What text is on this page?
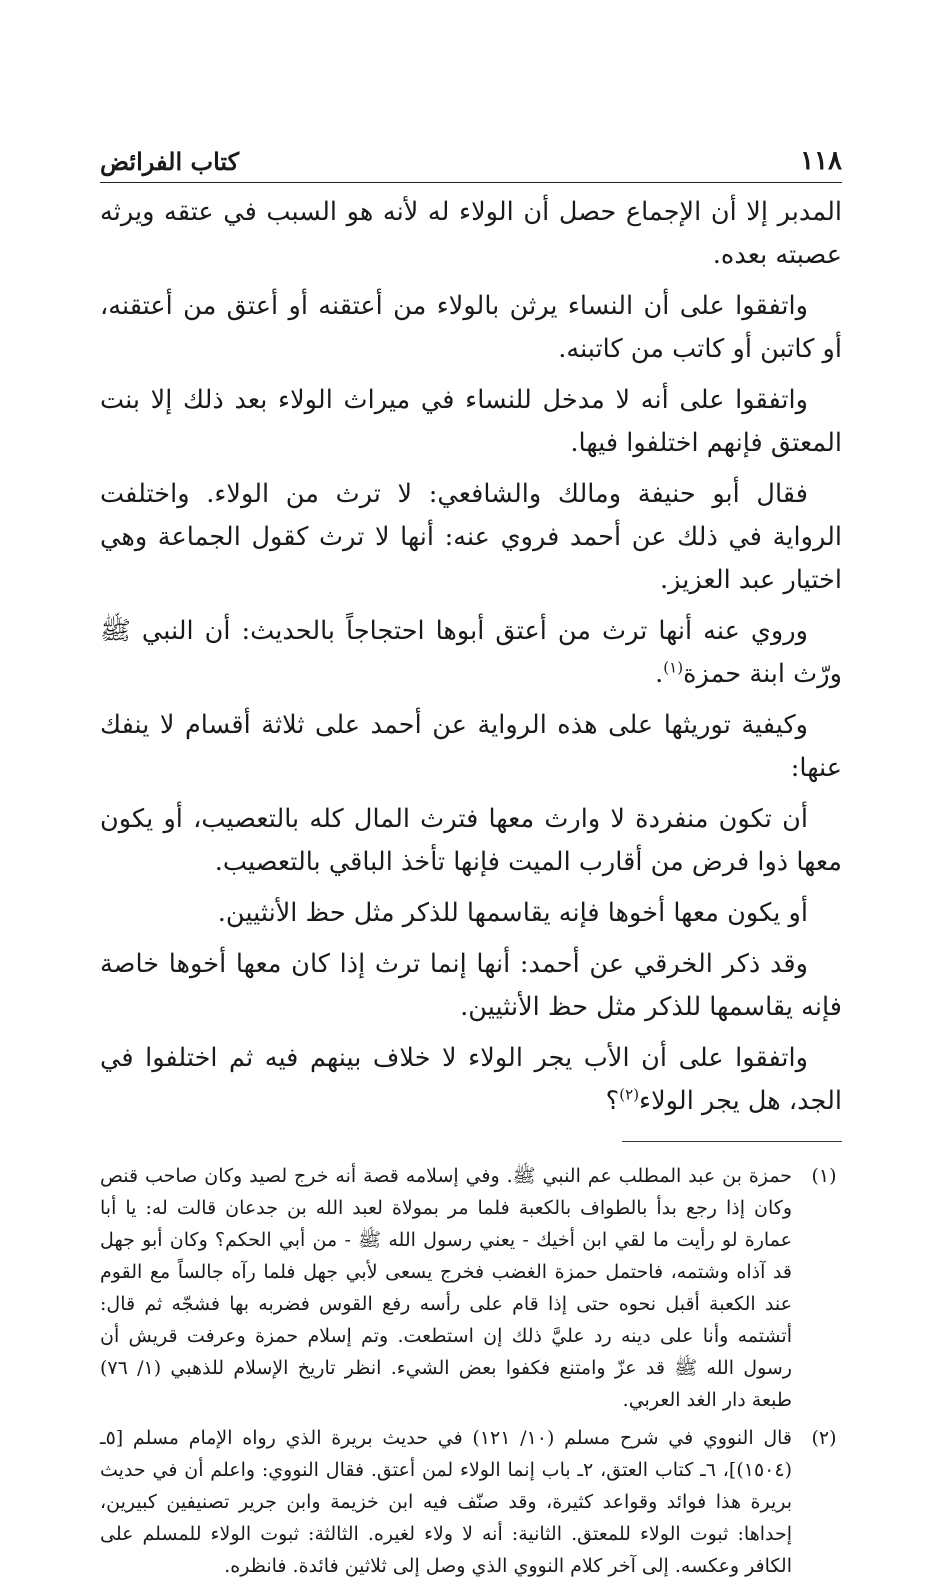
١١٨
كتاب الفرائض

المدبر إلا أن الإجماع حصل أن الولاء له لأنه هو السبب في عتقه ويرثه عصبته بعده.

واتفقوا على أن النساء يرثن بالولاء من أعتقنه أو أعتق من أعتقنه، أو كاتبن أو كاتب من كاتبنه.

واتفقوا على أنه لا مدخل للنساء في ميراث الولاء بعد ذلك إلا بنت المعتق فإنهم اختلفوا فيها.

فقال أبو حنيفة ومالك والشافعي: لا ترث من الولاء. واختلفت الرواية في ذلك عن أحمد فروي عنه: أنها لا ترث كقول الجماعة وهي اختيار عبد العزيز.

وروي عنه أنها ترث من أعتق أبوها احتجاجاً بالحديث: أن النبي ﷺ ورّث ابنة حمزة$^{(١)}$.

وكيفية توريثها على هذه الرواية عن أحمد على ثلاثة أقسام لا ينفك عنها:

أن تكون منفردة لا وارث معها فترث المال كله بالتعصيب، أو يكون معها ذوا فرض من أقارب الميت فإنها تأخذ الباقي بالتعصيب.

أو يكون معها أخوها فإنه يقاسمها للذكر مثل حظ الأنثيين.

وقد ذكر الخرقي عن أحمد: أنها إنما ترث إذا كان معها أخوها خاصة فإنه يقاسمها للذكر مثل حظ الأنثيين.

واتفقوا على أن الأب يجر الولاء لا خلاف بينهم فيه ثم اختلفوا في الجد، هل يجر الولاء$^{(٢)}$؟

(١)
حمزة بن عبد المطلب عم النبي ﷺ. وفي إسلامه قصة أنه خرج لصيد وكان صاحب قنص وكان إذا رجع بدأ بالطواف بالكعبة فلما مر بمولاة لعبد الله بن جدعان قالت له: يا أبا عمارة لو رأيت ما لقي ابن أخيك - يعني رسول الله ﷺ - من أبي الحكم؟ وكان أبو جهل قد آذاه وشتمه، فاحتمل حمزة الغضب فخرج يسعى لأبي جهل فلما رآه جالساً مع القوم عند الكعبة أقبل نحوه حتى إذا قام على رأسه رفع القوس فضربه بها فشجّه ثم قال: أتشتمه وأنا على دينه رد عليَّ ذلك إن استطعت. وتم إسلام حمزة وعرفت قريش أن رسول الله ﷺ قد عزّ وامتنع فكفوا بعض الشيء. انظر تاريخ الإسلام للذهبي (١/ ٧٦) طبعة دار الغد العربي.
(٢)
قال النووي في شرح مسلم (١٠/ ١٢١) في حديث بريرة الذي رواه الإمام مسلم [٥ـ (١٥٠٤)]، ٦ـ كتاب العتق، ٢ـ باب إنما الولاء لمن أعتق. فقال النووي: واعلم أن في حديث بريرة هذا فوائد وقواعد كثيرة، وقد صنّف فيه ابن خزيمة وابن جرير تصنيفين كبيرين، إحداها: ثبوت الولاء للمعتق. الثانية: أنه لا ولاء لغيره. الثالثة: ثبوت الولاء للمسلم على الكافر وعكسه. إلى آخر كلام النووي الذي وصل إلى ثلاثين فائدة. فانظره.
